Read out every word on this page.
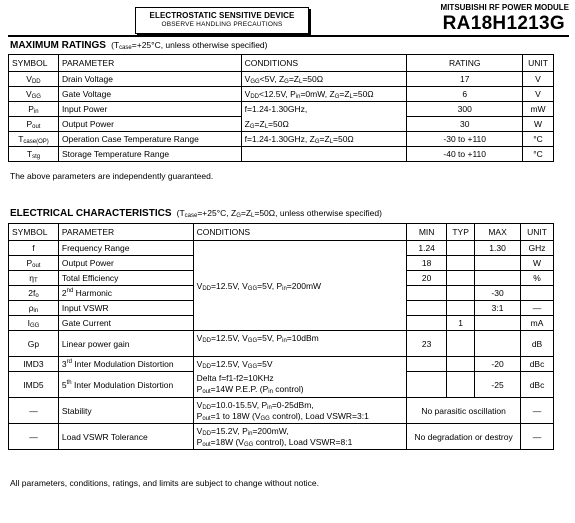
ELECTROSTATIC SENSITIVE DEVICE
OBSERVE HANDLING PRECAUTIONS
MITSUBISHI RF POWER MODULE
RA18H1213G
MAXIMUM RATINGS  ($T_{case}=+25^\circ C$, unless otherwise specified)
SYMBOL	PARAMETER	CONDITIONS	RATING	UNIT
$V_{DD}$	Drain Voltage	$V_{GG}<5V$, $Z_G=Z_L=50\Omega$	17	V
$V_{GG}$	Gate Voltage	$V_{DD}<12.5V$, $P_{in}=0mW$, $Z_G=Z_L=50\Omega$	6	V
$P_{in}$	Input Power	f=1.24-1.30GHz,	300	mW
$P_{out}$	Output Power	$Z_G=Z_L=50\Omega$	30	W
$T_{case(OP)}$	Operation Case Temperature Range	f=1.24-1.30GHz, $Z_G=Z_L=50\Omega$	-30 to +110	°C
$T_{stg}$	Storage Temperature Range		-40 to +110	°C
The above parameters are independently guaranteed.
ELECTRICAL CHARACTERISTICS  ($T_{case}=+25^\circ C$, $Z_G=Z_L=50\Omega$, unless otherwise specified)
SYMBOL	PARAMETER	CONDITIONS	MIN	TYP	MAX	UNIT
f	Frequency Range	$V_{DD}=12.5V$, $V_{GG}=5V$, $P_{in}=200mW$	1.24		1.30	GHz
$P_{out}$	Output Power		18			W
$\eta_T$	Total Efficiency		20			%
$2f_o$	2nd Harmonic				-30	
$\rho_{in}$	Input VSWR				3:1	—
$I_{GG}$	Gate Current			1		mA
Gp	Linear power gain	$V_{DD}=12.5V$, $V_{GG}=5V$, $P_{in}=10dBm$	23			dB
IMD3	3rd Inter Modulation Distortion	$V_{DD}=12.5V$, $V_{GG}=5V$			-20	dBc
IMD5	5th Inter Modulation Distortion	Delta f=f1-f2=10KHz
$P_{out}=14W$ P.E.P. ($P_{in}$ control)			-25	dBc
—	Stability	$V_{DD}=10.0-15.5V$, $P_{in}=0-25dBm$,
$P_{out}=1$ to 18W ($V_{GG}$ control), Load VSWR=3:1	No parasitic oscillation			—
—	Load VSWR Tolerance	$V_{DD}=15.2V$, $P_{in}=200mW$,
$P_{out}=18W$ ($V_{GG}$ control), Load VSWR=8:1	No degradation or destroy			—
All parameters, conditions, ratings, and limits are subject to change without notice.
